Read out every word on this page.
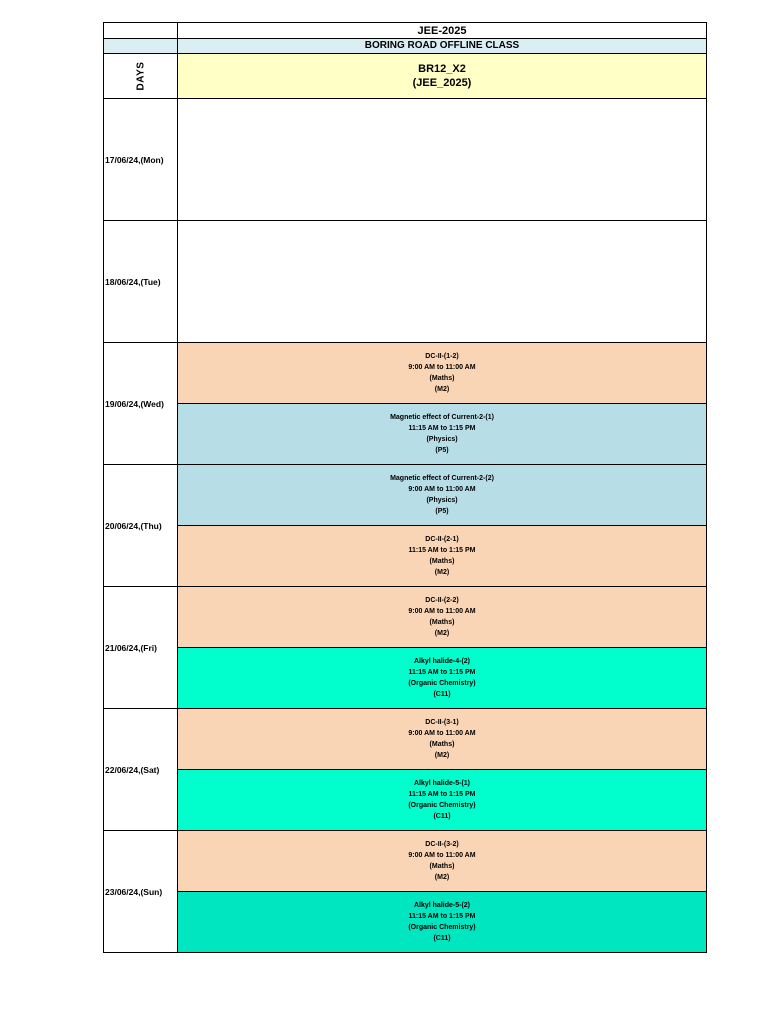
JEE-2025
BORING ROAD OFFLINE CLASS
DAYS	BR12_X2
(JEE_2025)
17/06/24,(Mon)
18/06/24,(Tue)
19/06/24,(Wed)
DC-II-(1-2)
9:00 AM to 11:00 AM
(Maths)
(M2)
Magnetic effect of Current-2-(1)
11:15 AM to 1:15 PM
(Physics)
(P5)
20/06/24,(Thu)
Magnetic effect of Current-2-(2)
9:00 AM to 11:00 AM
(Physics)
(P5)
DC-II-(2-1)
11:15 AM to 1:15 PM
(Maths)
(M2)
21/06/24,(Fri)
DC-II-(2-2)
9:00 AM to 11:00 AM
(Maths)
(M2)
Alkyl halide-4-(2)
11:15 AM to 1:15 PM
(Organic Chemistry)
(C11)
22/06/24,(Sat)
DC-II-(3-1)
9:00 AM to 11:00 AM
(Maths)
(M2)
Alkyl halide-5-(1)
11:15 AM to 1:15 PM
(Organic Chemistry)
(C11)
23/06/24,(Sun)
DC-II-(3-2)
9:00 AM to 11:00 AM
(Maths)
(M2)
Alkyl halide-5-(2)
11:15 AM to 1:15 PM
(Organic Chemistry)
(C11)
